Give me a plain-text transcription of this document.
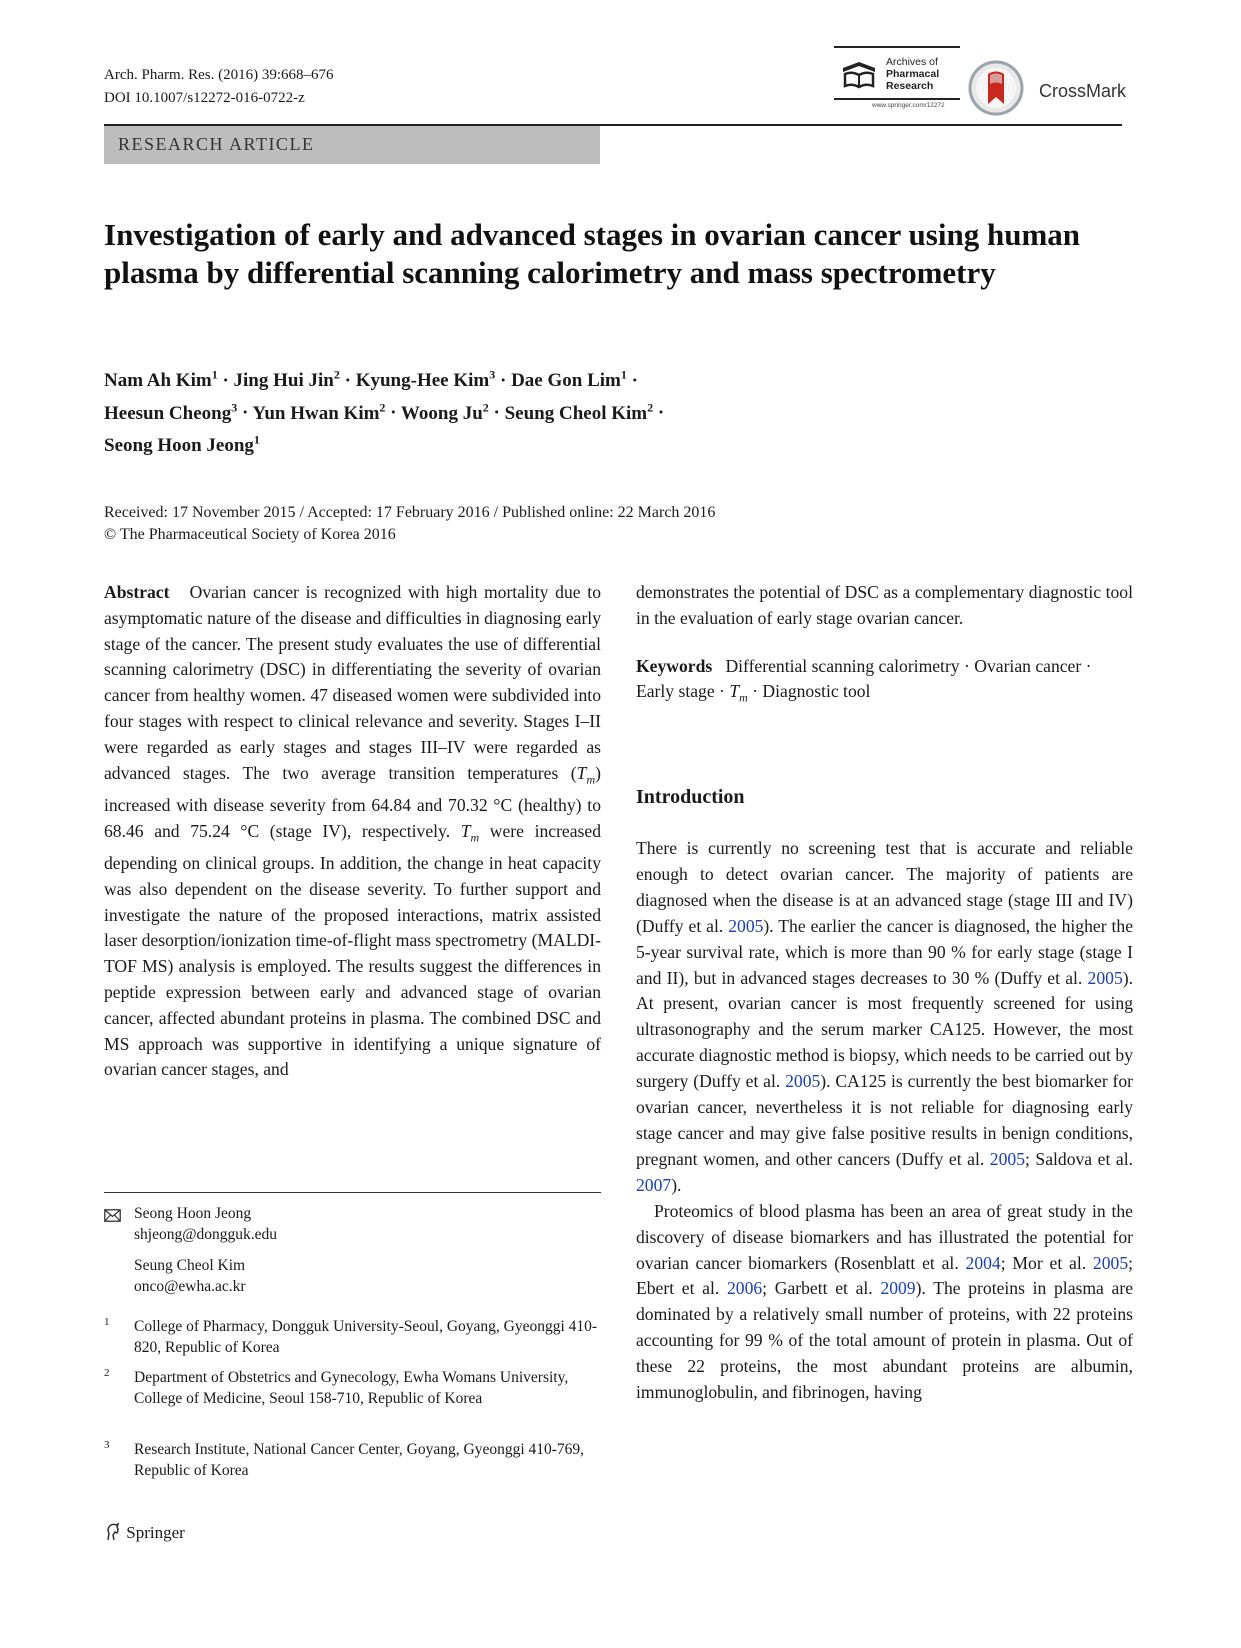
Arch. Pharm. Res. (2016) 39:668–676
DOI 10.1007/s12272-016-0722-z
Archives of
Pharmacal
Research
www.springer.com/12272
CrossMark
RESEARCH ARTICLE
Investigation of early and advanced stages in ovarian cancer using human plasma by differential scanning calorimetry and mass spectrometry
Nam Ah Kim$^1$ · Jing Hui Jin$^2$ · Kyung-Hee Kim$^3$ · Dae Gon Lim$^1$ ·
Heesun Cheong$^3$ · Yun Hwan Kim$^2$ · Woong $Ju^2$ · Seung Cheol Kim$^2$ ·
Seong Hoon Jeong$^1$
Received: 17 November 2015 / Accepted: 17 February 2016 / Published online: 22 March 2016
© The Pharmaceutical Society of Korea 2016

Abstract Ovarian cancer is recognized with high mortality due to asymptomatic nature of the disease and difficulties in diagnosing early stage of the cancer. The present study evaluates the use of differential scanning calorimetry (DSC) in differentiating the severity of ovarian cancer from healthy women. 47 diseased women were subdivided into four stages with respect to clinical relevance and severity. Stages I–II were regarded as early stages and stages III–IV were regarded as advanced stages. The two average transition temperatures $(T_m)$ increased with disease severity from 64.84 and 70.32 °C (healthy) to 68.46 and 75.24 °C (stage IV), respectively. $T_m$ were increased depending on clinical groups. In addition, the change in heat capacity was also dependent on the disease severity. To further support and investigate the nature of the proposed interactions, matrix assisted laser desorption/ionization time-of-flight mass spectrometry (MALDI-TOF MS) analysis is employed. The results suggest the differences in peptide expression between early and advanced stage of ovarian cancer, affected abundant proteins in plasma. The combined DSC and MS approach was supportive in identifying a unique signature of ovarian cancer stages, and

demonstrates the potential of DSC as a complementary diagnostic tool in the evaluation of early stage ovarian cancer.

Keywords Differential scanning calorimetry · Ovarian cancer · Early stage · $T_m$ · Diagnostic tool

Introduction

There is currently no screening test that is accurate and reliable enough to detect ovarian cancer. The majority of patients are diagnosed when the disease is at an advanced stage (stage III and IV) (Duffy et al. 2005). The earlier the cancer is diagnosed, the higher the 5-year survival rate, which is more than 90 % for early stage (stage I and II), but in advanced stages decreases to 30 % (Duffy et al. 2005). At present, ovarian cancer is most frequently screened for using ultrasonography and the serum marker CA125. However, the most accurate diagnostic method is biopsy, which needs to be carried out by surgery (Duffy et al. 2005). CA125 is currently the best biomarker for ovarian cancer, nevertheless it is not reliable for diagnosing early stage cancer and may give false positive results in benign conditions, pregnant women, and other cancers (Duffy et al. 2005; Saldova et al. 2007).

Proteomics of blood plasma has been an area of great study in the discovery of disease biomarkers and has illustrated the potential for ovarian cancer biomarkers (Rosenblatt et al. 2004; Mor et al. 2005; Ebert et al. 2006; Garbett et al. 2009). The proteins in plasma are dominated by a relatively small number of proteins, with 22 proteins accounting for 99 % of the total amount of protein in plasma. Out of these 22 proteins, the most abundant proteins are albumin, immunoglobulin, and fibrinogen, having

Seong Hoon Jeong
shjeong@dongguk.edu
Seung Cheol Kim
onco@ewha.ac.kr
1 College of Pharmacy, Dongguk University-Seoul, Goyang, Gyeonggi 410-820, Republic of Korea
2 Department of Obstetrics and Gynecology, Ewha Womans University, College of Medicine, Seoul 158-710, Republic of Korea
3 Research Institute, National Cancer Center, Goyang, Gyeonggi 410-769, Republic of Korea
Springer
